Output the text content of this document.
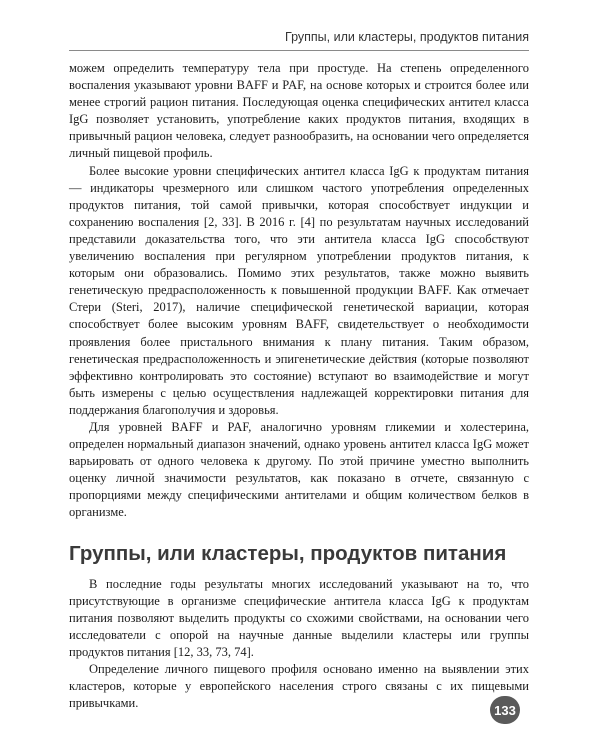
Группы, или кластеры, продуктов питания

можем определить температуру тела при простуде. На степень определенного воспаления указывают уровни BAFF и PAF, на основе которых и строится более или менее строгий рацион питания. Последующая оценка специфических антител класса IgG позволяет установить, употребление каких продуктов питания, входящих в привычный рацион человека, следует разнообразить, на основании чего определяется личный пищевой профиль.

Более высокие уровни специфических антител класса IgG к продуктам питания — индикаторы чрезмерного или слишком частого употребления определенных продуктов питания, той самой привычки, которая способствует индукции и сохранению воспаления [2, 33]. В 2016 г. [4] по результатам научных исследований представили доказательства того, что эти антитела класса IgG способствуют увеличению воспаления при регулярном употреблении продуктов питания, к которым они образовались. Помимо этих результатов, также можно выявить генетическую предрасположенность к повышенной продукции BAFF. Как отмечает Стери (Steri, 2017), наличие специфической генетической вариации, которая способствует более высоким уровням BAFF, свидетельствует о необходимости проявления более пристального внимания к плану питания. Таким образом, генетическая предрасположенность и эпигенетические действия (которые позволяют эффективно контролировать это состояние) вступают во взаимодействие и могут быть измерены с целью осуществления надлежащей корректировки питания для поддержания благополучия и здоровья.

Для уровней BAFF и PAF, аналогично уровням гликемии и холестерина, определен нормальный диапазон значений, однако уровень антител класса IgG может варьировать от одного человека к другому. По этой причине уместно выполнить оценку личной значимости результатов, как показано в отчете, связанную с пропорциями между специфическими антителами и общим количеством белков в организме.

Группы, или кластеры, продуктов питания

В последние годы результаты многих исследований указывают на то, что присутствующие в организме специфические антитела класса IgG к продуктам питания позволяют выделить продукты со схожими свойствами, на основании чего исследователи с опорой на научные данные выделили кластеры или группы продуктов питания [12, 33, 73, 74].

Определение личного пищевого профиля основано именно на выявлении этих кластеров, которые у европейского населения строго связаны с их пищевыми привычками.	133
